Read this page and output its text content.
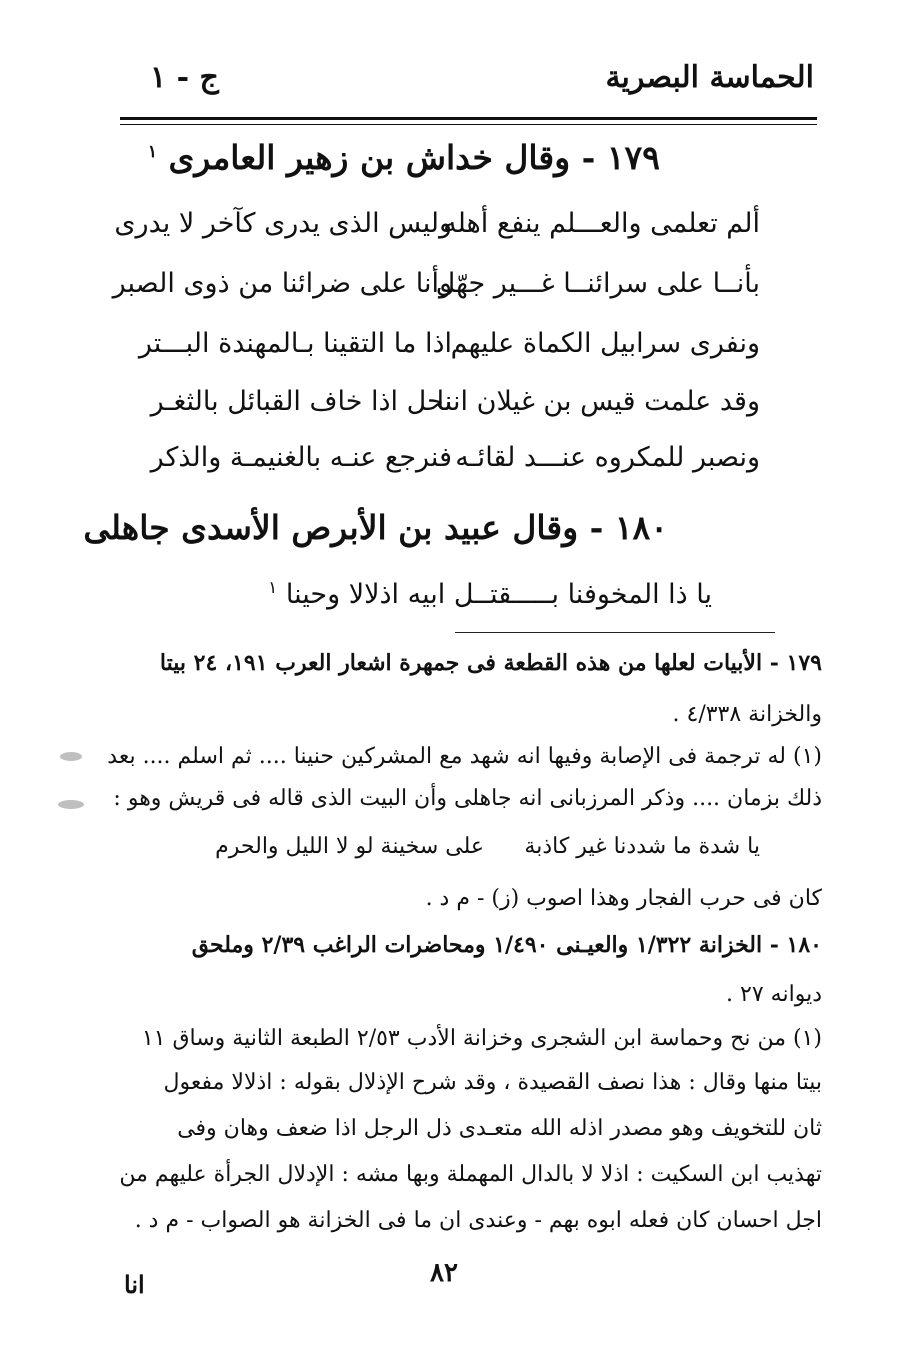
الحماسة البصرية
ج - ١
١٧٩ - وقال خداش بن زهير العامرى $^١$
ألم تعلمى والعـــلم ينفع أهله
وليس الذى يدرى كآخر لا يدرى
بأنــا على سرائنــا غـــير جهّل
وأنا على ضرائنا من ذوى الصبر
ونفرى سرابيل الكماة عليهم
اذا ما التقينا بـالمهندة البـــتر
وقد علمت قيس بن غيلان اننا
نحل اذا خاف القبائل بالثغـر
ونصبر للمكروه عنـــد لقائـه
فنرجع عنـه بالغنيمـة والذكر
١٨٠ - وقال عبيد بن الأبرص الأسدى جاهلى
يا ذا المخوفنا بـــــقتــل ابيه اذلالا وحينا $^١$
١٧٩ - الأبيات لعلها من هذه القطعة فى جمهرة اشعار العرب ١٩١، ٢٤ بيتا
والخزانة ٤/٣٣٨ .
(١) له ترجمة فى الإصابة وفيها انه شهد مع المشركين حنينا .... ثم اسلم .... بعد
ذلك بزمان .... وذكر المرزبانى انه جاهلى وأن البيت الذى قاله فى قريش وهو :
يا شدة ما شددنا غير كاذبة
على سخينة لو لا الليل والحرم
كان فى حرب الفجار وهذا اصوب (ز) - م د .
١٨٠ - الخزانة ١/٣٢٢ والعيـنى ١/٤٩٠ ومحاضرات الراغب ٢/٣٩ وملحق
ديوانه ٢٧ .
(١) من نح وحماسة ابن الشجرى وخزانة الأدب ٢/٥٣ الطبعة الثانية وساق ١١
بيتا منها وقال : هذا نصف القصيدة ، وقد شرح الإذلال بقوله : اذلالا مفعول
ثان للتخويف وهو مصدر اذله الله متعـدى ذل الرجل اذا ضعف وهان وفى
تهذيب ابن السكيت : اذلا لا بالدال المهملة وبها مشه : الإدلال الجرأة عليهم من
اجل احسان كان فعله ابوه بهم - وعندى ان ما فى الخزانة هو الصواب - م د .
٨٢
انا
